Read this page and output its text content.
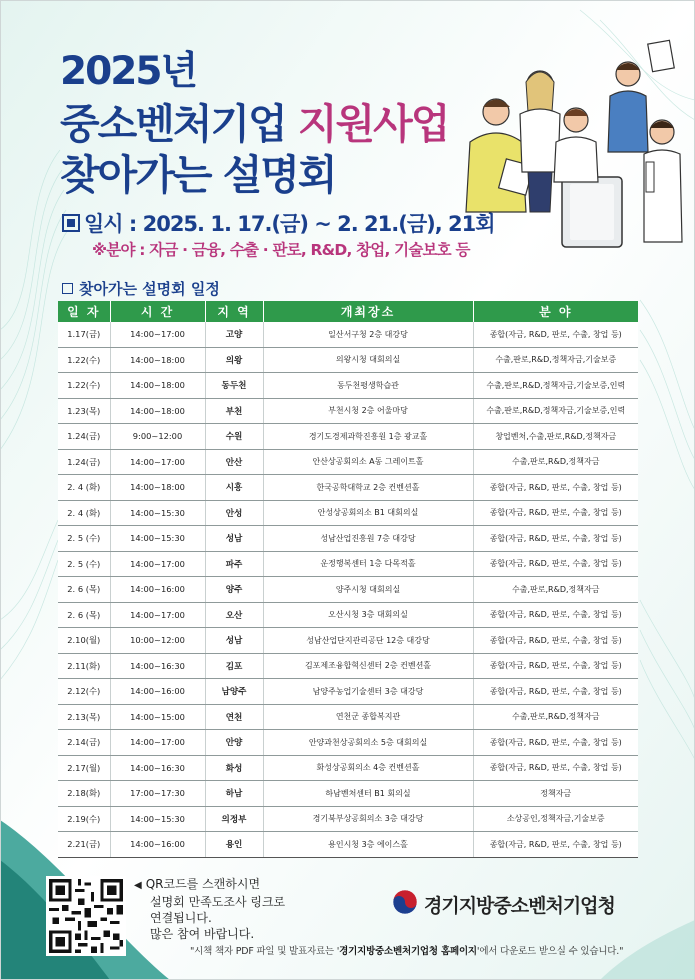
2025년
중소벤처기업 지원사업
찾아가는 설명회
일시 : 2025. 1. 17.(금) ~ 2. 21.(금), 21회
※분야 : 자금 · 금융, 수출 · 판로, R&D, 창업, 기술보호 등
찾아가는 설명회 일정
일 자	시 간	지 역	개최장소	분 야
1.17(금)	14:00~17:00	고양	일산서구청 2층 대강당	종합(자금, R&D, 판로, 수출, 창업 등)
1.22(수)	14:00~18:00	의왕	의왕시청 대회의실	수출,판로,R&D,정책자금,기술보증
1.22(수)	14:00~18:00	동두천	동두천평생학습관	수출,판로,R&D,정책자금,기술보증,인력
1.23(목)	14:00~18:00	부천	부천시청 2층 어울마당	수출,판로,R&D,정책자금,기술보증,인력
1.24(금)	9:00~12:00	수원	경기도경제과학진흥원 1층 광교홀	창업벤처,수출,판로,R&D,정책자금
1.24(금)	14:00~17:00	안산	안산상공회의소 A동 그레이트홀	수출,판로,R&D,정책자금
2. 4 (화)	14:00~18:00	시흥	한국공학대학교 2층 컨벤션홀	종합(자금, R&D, 판로, 수출, 창업 등)
2. 4 (화)	14:00~15:30	안성	안성상공회의소 B1 대회의실	종합(자금, R&D, 판로, 수출, 창업 등)
2. 5 (수)	14:00~15:30	성남	성남산업진흥원 7층 대강당	종합(자금, R&D, 판로, 수출, 창업 등)
2. 5 (수)	14:00~17:00	파주	운정행복센터 1층 다목적홀	종합(자금, R&D, 판로, 수출, 창업 등)
2. 6 (목)	14:00~16:00	양주	양주시청 대회의실	수출,판로,R&D,정책자금
2. 6 (목)	14:00~17:00	오산	오산시청 3층 대회의실	종합(자금, R&D, 판로, 수출, 창업 등)
2.10(월)	10:00~12:00	성남	성남산업단지관리공단 12층 대강당	종합(자금, R&D, 판로, 수출, 창업 등)
2.11(화)	14:00~16:30	김포	김포제조융합혁신센터 2층 컨벤션홀	종합(자금, R&D, 판로, 수출, 창업 등)
2.12(수)	14:00~16:00	남양주	남양주농업기술센터 3층 대강당	종합(자금, R&D, 판로, 수출, 창업 등)
2.13(목)	14:00~15:00	연천	연천군 종합복지관	수출,판로,R&D,정책자금
2.14(금)	14:00~17:00	안양	안양과천상공회의소 5층 대회의실	종합(자금, R&D, 판로, 수출, 창업 등)
2.17(월)	14:00~16:30	화성	화성상공회의소 4층 컨벤션홀	종합(자금, R&D, 판로, 수출, 창업 등)
2.18(화)	17:00~17:30	하남	하남벤처센터 B1 회의실	정책자금
2.19(수)	14:00~15:30	의정부	경기북부상공회의소 3층 대강당	소상공인,정책자금,기술보증
2.21(금)	14:00~16:00	용인	용인시청 3층 에이스홀	종합(자금, R&D, 판로, 수출, 창업 등)
◀ QR코드를 스캔하시면
설명회 만족도조사 링크로
연결됩니다.
많은 참여 바랍니다.
경기지방중소벤처기업청
"시책 책자 PDF 파일 및 발표자료는 '경기지방중소벤처기업청 홈페이지'에서 다운로드 받으실 수 있습니다."
